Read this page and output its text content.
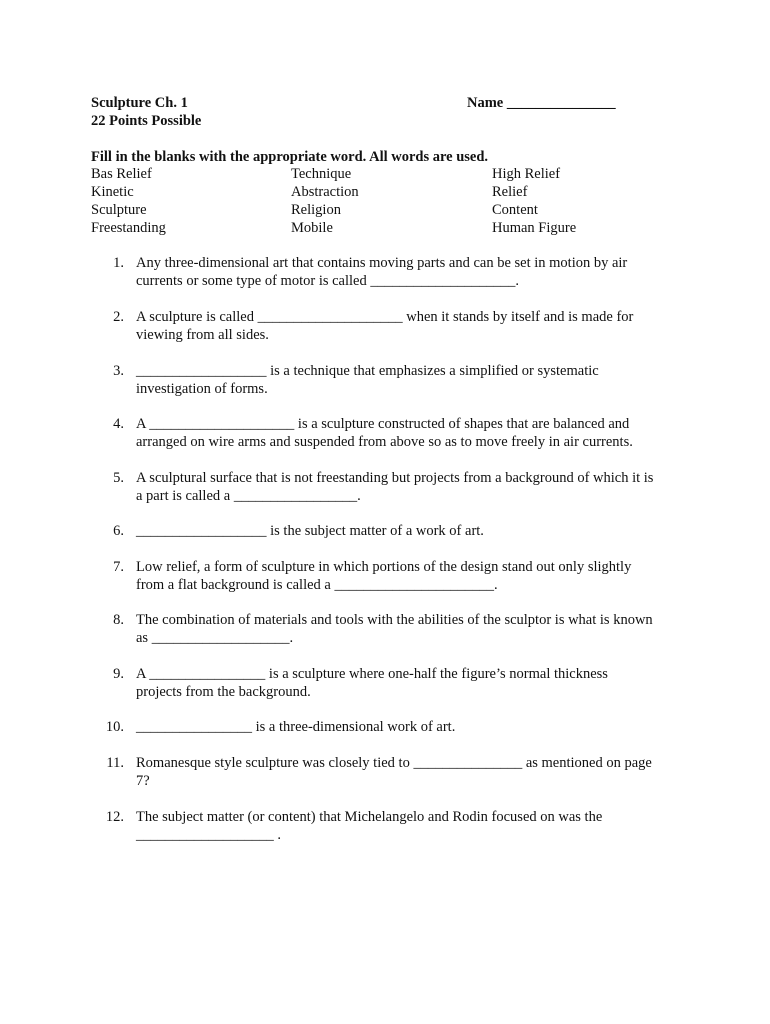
Sculpture Ch. 1
22 Points Possible
Name _______________
Fill in the blanks with the appropriate word. All words are used.
Bas Relief
Kinetic
Sculpture
Freestanding
Technique
Abstraction
Religion
Mobile
High Relief
Relief
Content
Human Figure
1. Any three-dimensional art that contains moving parts and can be set in motion by air
currents or some type of motor is called ____________________.
2. A sculpture is called ____________________ when it stands by itself and is made for
viewing from all sides.
3. __________________ is a technique that emphasizes a simplified or systematic
investigation of forms.
4. A ____________________ is a sculpture constructed of shapes that are balanced and
arranged on wire arms and suspended from above so as to move freely in air currents.
5. A sculptural surface that is not freestanding but projects from a background of which it is
a part is called a _________________.
6. __________________ is the subject matter of a work of art.
7. Low relief, a form of sculpture in which portions of the design stand out only slightly
from a flat background is called a ______________________.
8. The combination of materials and tools with the abilities of the sculptor is what is known
as ___________________.
9. A ________________ is a sculpture where one-half the figure’s normal thickness
projects from the background.
10. ________________ is a three-dimensional work of art.
11. Romanesque style sculpture was closely tied to _______________ as mentioned on page
7?
12. The subject matter (or content) that Michelangelo and Rodin focused on was the
___________________ .
